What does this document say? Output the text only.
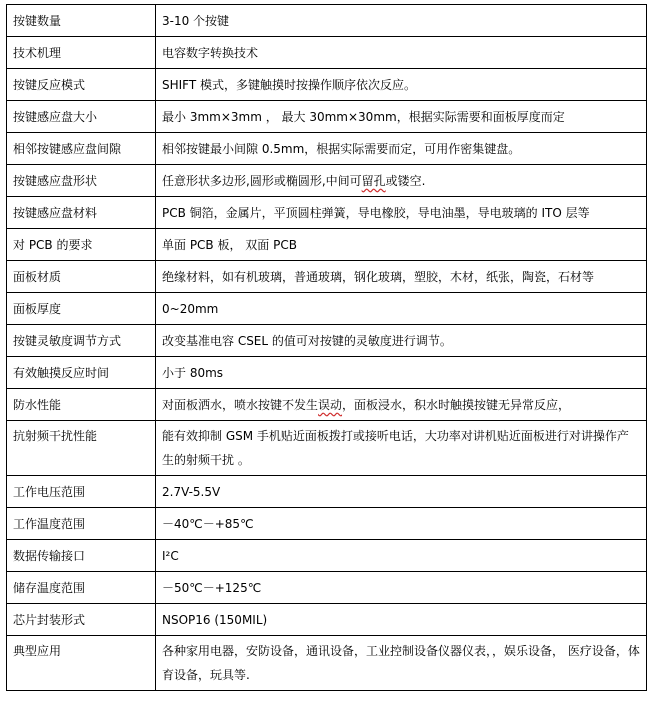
按键数量	3-10 个按键
技术机理	电容数字转换技术
按键反应模式	SHIFT 模式，多键触摸时按操作顺序依次反应。
按键感应盘大小	最小 3mm×3mm ， 最大 30mm×30mm，根据实际需要和面板厚度而定
相邻按键感应盘间隙	相邻按键最小间隙 0.5mm，根据实际需要而定，可用作密集键盘。
按键感应盘形状	任意形状多边形,圆形或椭圆形,中间可留孔或镂空.
按键感应盘材料	PCB 铜箔，金属片，平顶圆柱弹簧，导电橡胶，导电油墨，导电玻璃的 ITO 层等
对 PCB 的要求	单面 PCB 板， 双面 PCB
面板材质	绝缘材料，如有机玻璃，普通玻璃，钢化玻璃，塑胶，木材，纸张，陶瓷，石材等
面板厚度	0~20mm
按键灵敏度调节方式	改变基准电容 CSEL 的值可对按键的灵敏度进行调节。
有效触摸反应时间	小于 80ms
防水性能	对面板洒水，喷水按键不发生误动，面板浸水，积水时触摸按键无异常反应，
抗射频干扰性能	能有效抑制 GSM 手机贴近面板拨打或接听电话，大功率对讲机贴近面板进行对讲操作产生的射频干扰 。
工作电压范围	2.7V-5.5V
工作温度范围	－40℃－+85℃
数据传输接口	I²C
储存温度范围	－50℃－+125℃
芯片封装形式	NSOP16 (150MIL)
典型应用	各种家用电器，安防设备，通讯设备，工业控制设备仪器仪表，，娱乐设备， 医疗设备，体育设备，玩具等.
